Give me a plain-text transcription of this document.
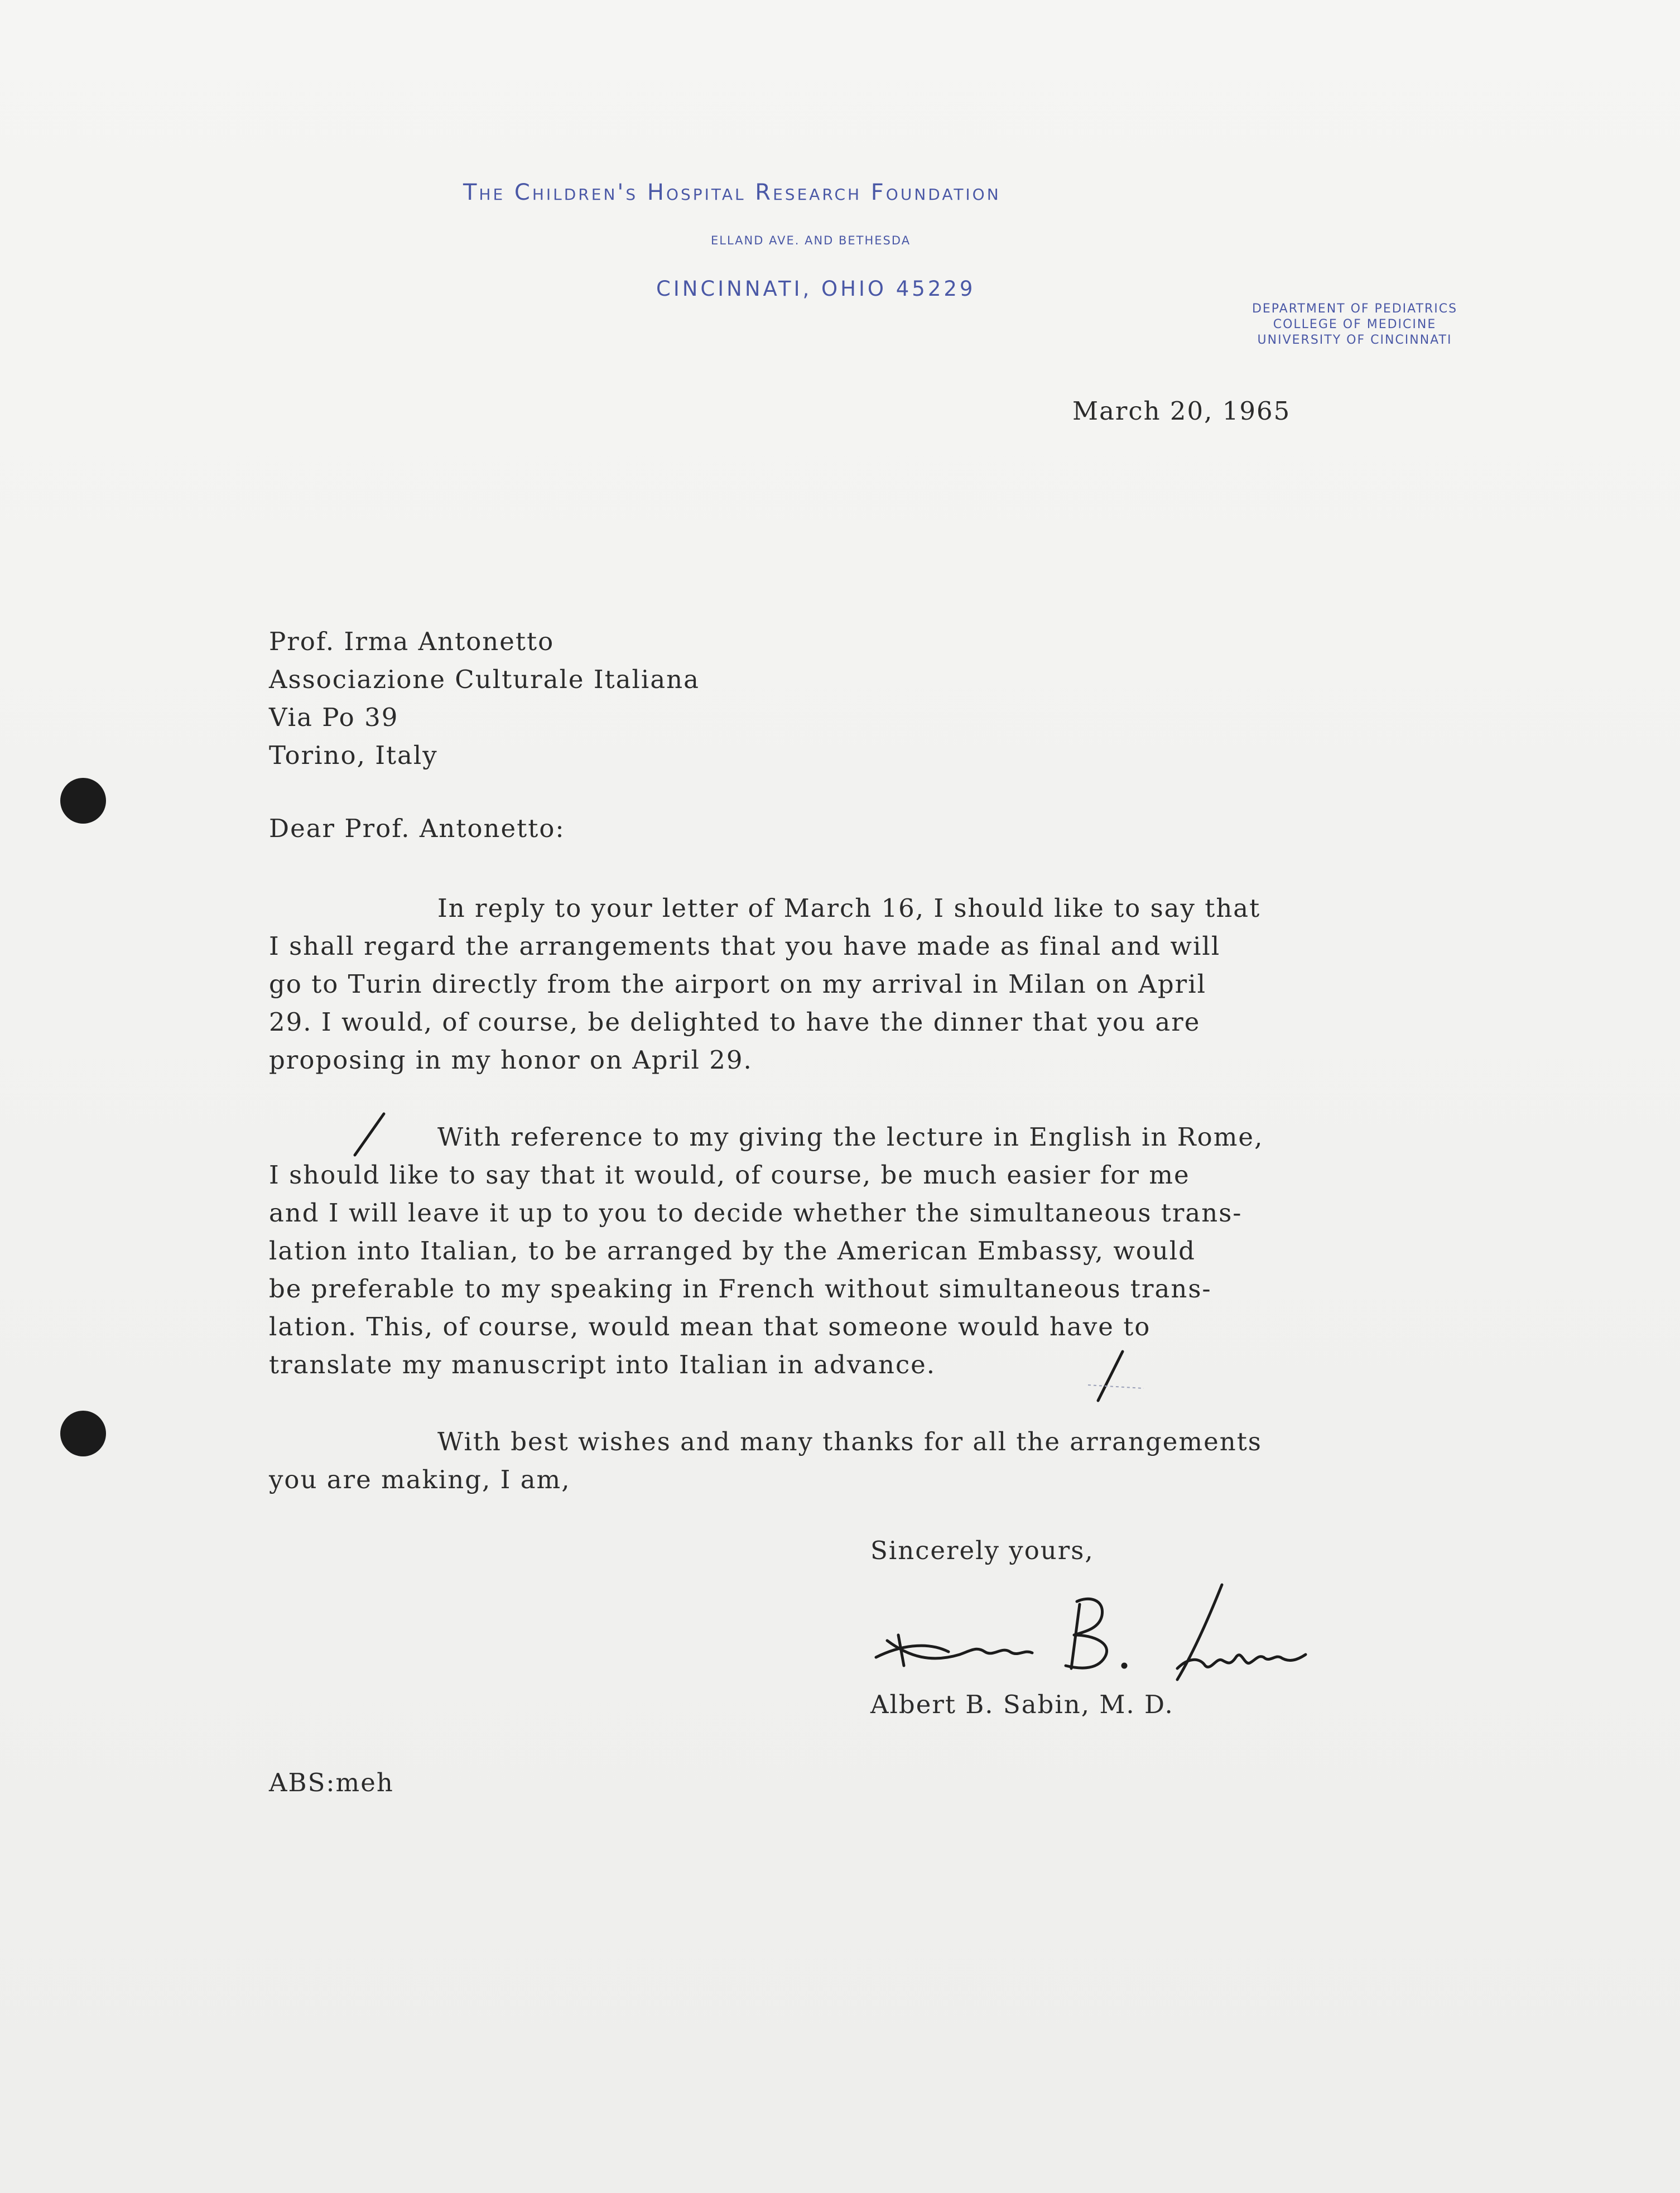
The Children's Hospital Research Foundation
ELLAND AVE. AND BETHESDA
CINCINNATI, OHIO 45229
DEPARTMENT OF PEDIATRICS
COLLEGE OF MEDICINE
UNIVERSITY OF CINCINNATI
March 20, 1965
Prof. Irma Antonetto
Associazione Culturale Italiana
Via Po 39
Torino, Italy
Dear Prof. Antonetto:
In reply to your letter of March 16, I should like to say that
I shall regard the arrangements that you have made as final and will
go to Turin directly from the airport on my arrival in Milan on April
29. I would, of course, be delighted to have the dinner that you are
proposing in my honor on April 29.
With reference to my giving the lecture in English in Rome,
I should like to say that it would, of course, be much easier for me
and I will leave it up to you to decide whether the simultaneous trans-
lation into Italian, to be arranged by the American Embassy, would
be preferable to my speaking in French without simultaneous trans-
lation. This, of course, would mean that someone would have to
translate my manuscript into Italian in advance.
With best wishes and many thanks for all the arrangements
you are making, I am,
Sincerely yours,
Albert B. Sabin, M. D.
ABS:meh
